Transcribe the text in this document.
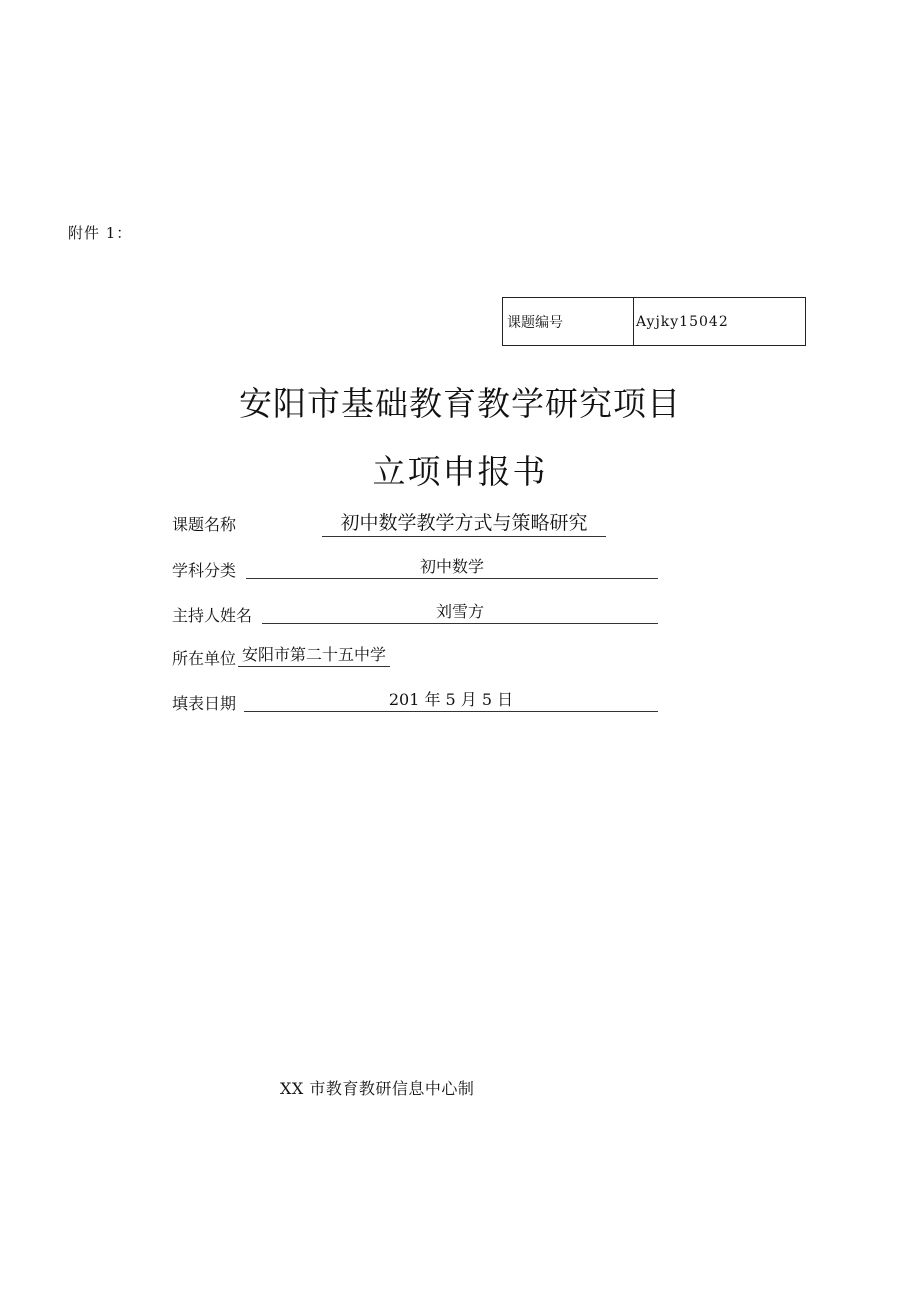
附件 1：
课题编号	Ayjky15042
安阳市基础教育教学研究项目
立项申报书
课题名称	初中数学教学方式与策略研究
学科分类	初中数学
主持人姓名	刘雪方
所在单位 安阳市第二十五中学
填表日期	201 年 5 月 5 日
XX 市教育教研信息中心制
